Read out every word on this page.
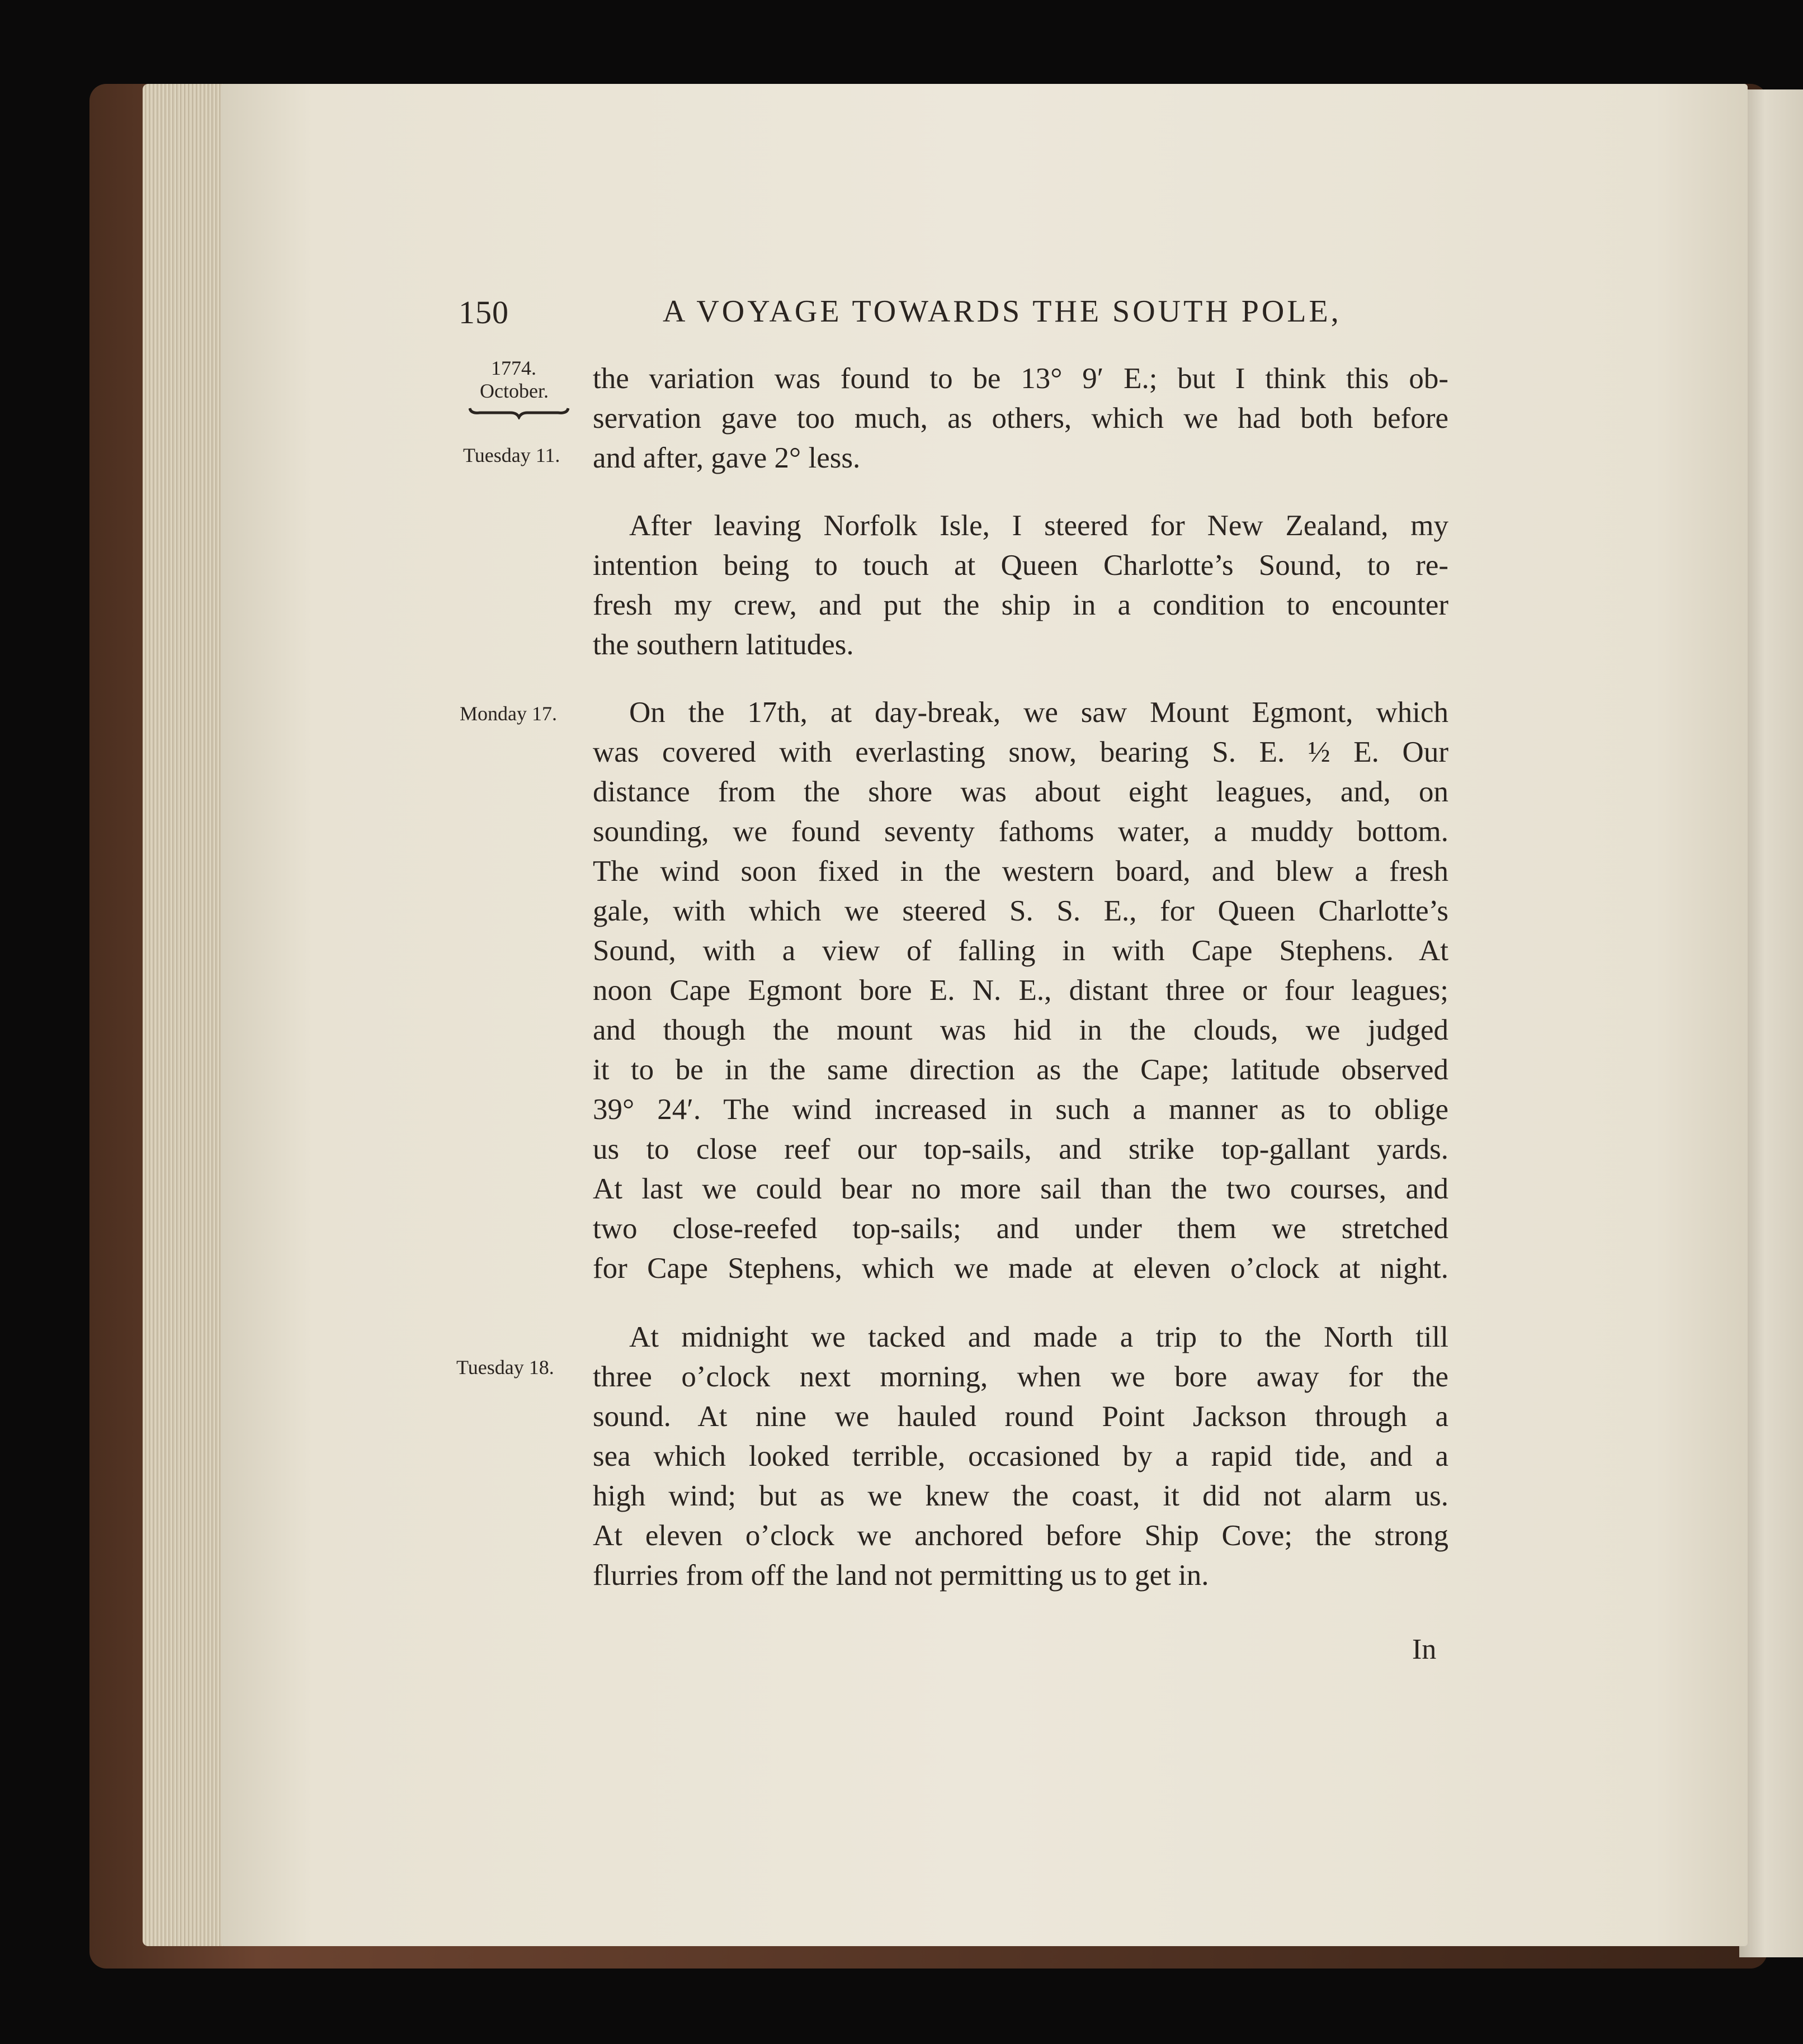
150	A VOYAGE TOWARDS THE SOUTH POLE,
1774.
October.
Tuesday 11.
Monday 17.
Tuesday 18.
the variation was found to be 13° 9′ E.; but I think this ob-
servation gave too much, as others, which we had both before
and after, gave 2° less.
After leaving Norfolk Isle, I steered for New Zealand, my
intention being to touch at Queen Charlotte’s Sound, to re-
fresh my crew, and put the ship in a condition to encounter
the southern latitudes.
On the 17th, at day-break, we saw Mount Egmont, which
was covered with everlasting snow, bearing S. E. ½ E. Our
distance from the shore was about eight leagues, and, on
sounding, we found seventy fathoms water, a muddy bottom.
The wind soon fixed in the western board, and blew a fresh
gale, with which we steered S. S. E., for Queen Charlotte’s
Sound, with a view of falling in with Cape Stephens. At
noon Cape Egmont bore E. N. E., distant three or four leagues;
and though the mount was hid in the clouds, we judged
it to be in the same direction as the Cape; latitude observed
39° 24′. The wind increased in such a manner as to oblige
us to close reef our top-sails, and strike top-gallant yards.
At last we could bear no more sail than the two courses, and
two close-reefed top-sails; and under them we stretched
for Cape Stephens, which we made at eleven o’clock at night.
At midnight we tacked and made a trip to the North till
three o’clock next morning, when we bore away for the
sound. At nine we hauled round Point Jackson through a
sea which looked terrible, occasioned by a rapid tide, and a
high wind; but as we knew the coast, it did not alarm us.
At eleven o’clock we anchored before Ship Cove; the strong
flurries from off the land not permitting us to get in.
In
